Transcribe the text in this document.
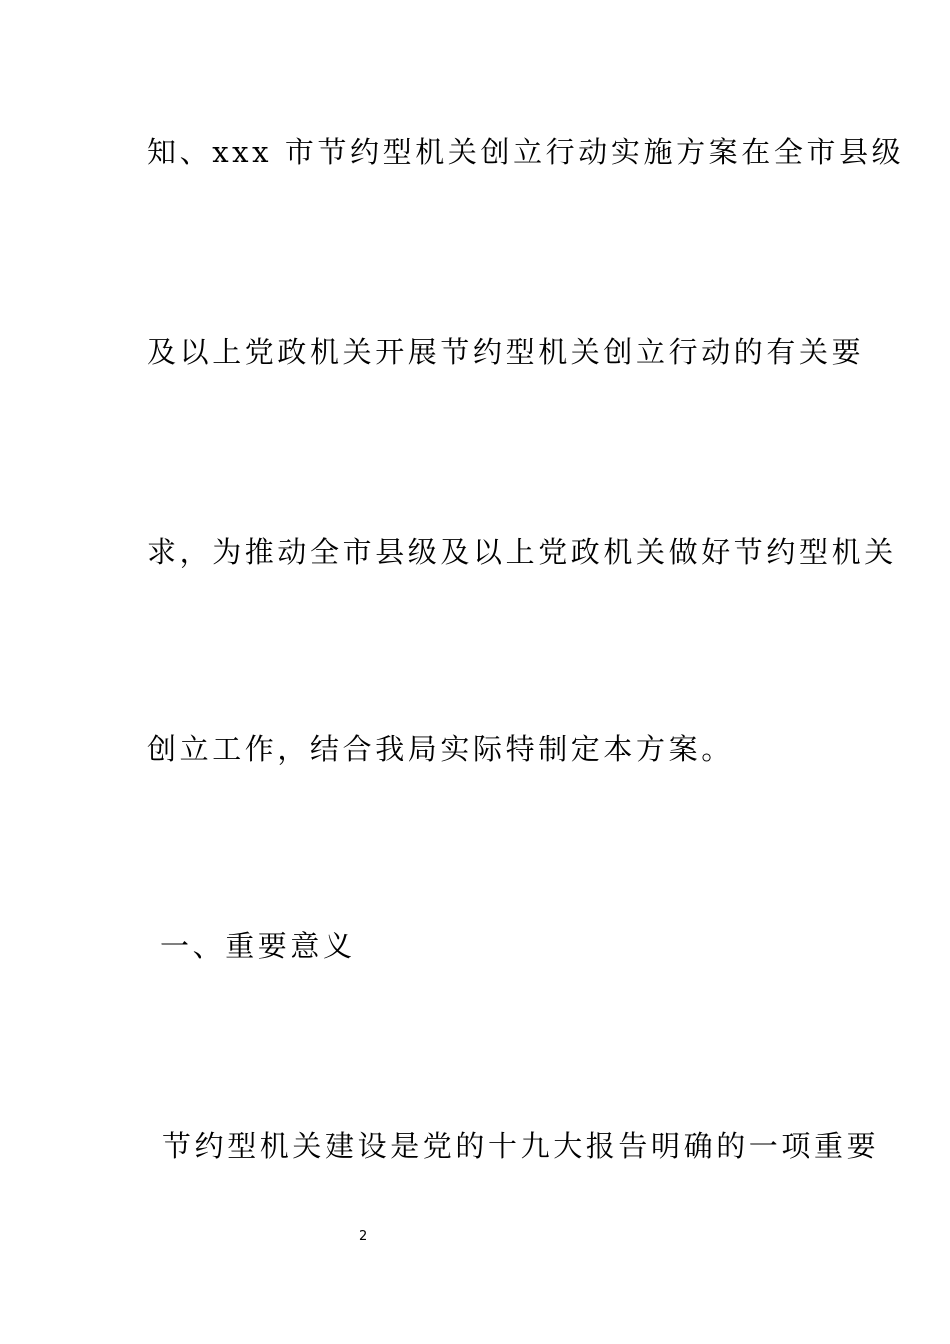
知、xxx 市节约型机关创立行动实施方案在全市县级
及以上党政机关开展节约型机关创立行动的有关要
求，为推动全市县级及以上党政机关做好节约型机关
创立工作，结合我局实际特制定本方案。
一、重要意义
节约型机关建设是党的十九大报告明确的一项重要
2
